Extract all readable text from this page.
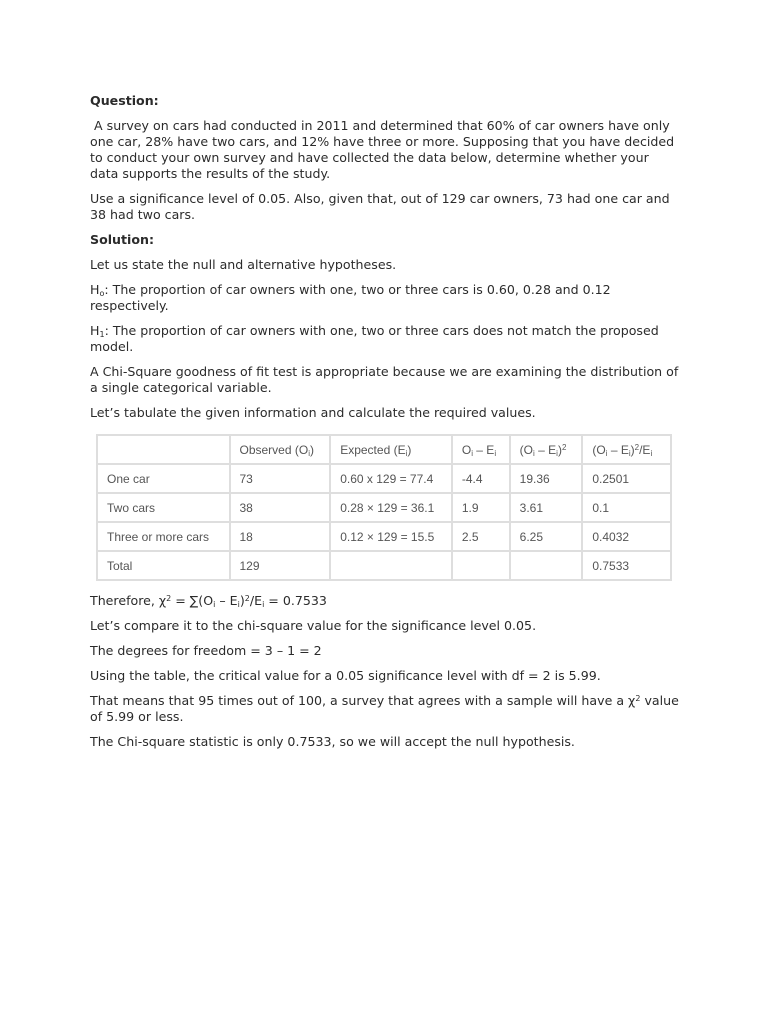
Question:

A survey on cars had conducted in 2011 and determined that 60% of car owners have only one car, 28% have two cars, and 12% have three or more. Supposing that you have decided to conduct your own survey and have collected the data below, determine whether your data supports the results of the study.

Use a significance level of 0.05. Also, given that, out of 129 car owners, 73 had one car and 38 had two cars.

Solution:

Let us state the null and alternative hypotheses.

$H_o$: The proportion of car owners with one, two or three cars is 0.60, 0.28 and 0.12 respectively.

$H_1$: The proportion of car owners with one, two or three cars does not match the proposed model.

A Chi-Square goodness of fit test is appropriate because we are examining the distribution of a single categorical variable.

Let’s tabulate the given information and calculate the required values.

	Observed $(O_i)$	Expected $(E_i)$	$O_i - E_i$	$(O_i - E_i)^2$	$(O_i - E_i)^2/E_i$
One car	73	0.60 x 129 = 77.4	-4.4	19.36	0.2501
Two cars	38	0.28 × 129 = 36.1	1.9	3.61	0.1
Three or more cars	18	0.12 × 129 = 15.5	2.5	6.25	0.4032
Total	129				0.7533

Therefore, $\chi^2 = \sum(O_i - E_i)^2/E_i = 0.7533$

Let’s compare it to the chi-square value for the significance level 0.05.

The degrees for freedom = 3 – 1 = 2

Using the table, the critical value for a 0.05 significance level with df = 2 is 5.99.

That means that 95 times out of 100, a survey that agrees with a sample will have a $\chi^2$ value of 5.99 or less.

The Chi-square statistic is only 0.7533, so we will accept the null hypothesis.
